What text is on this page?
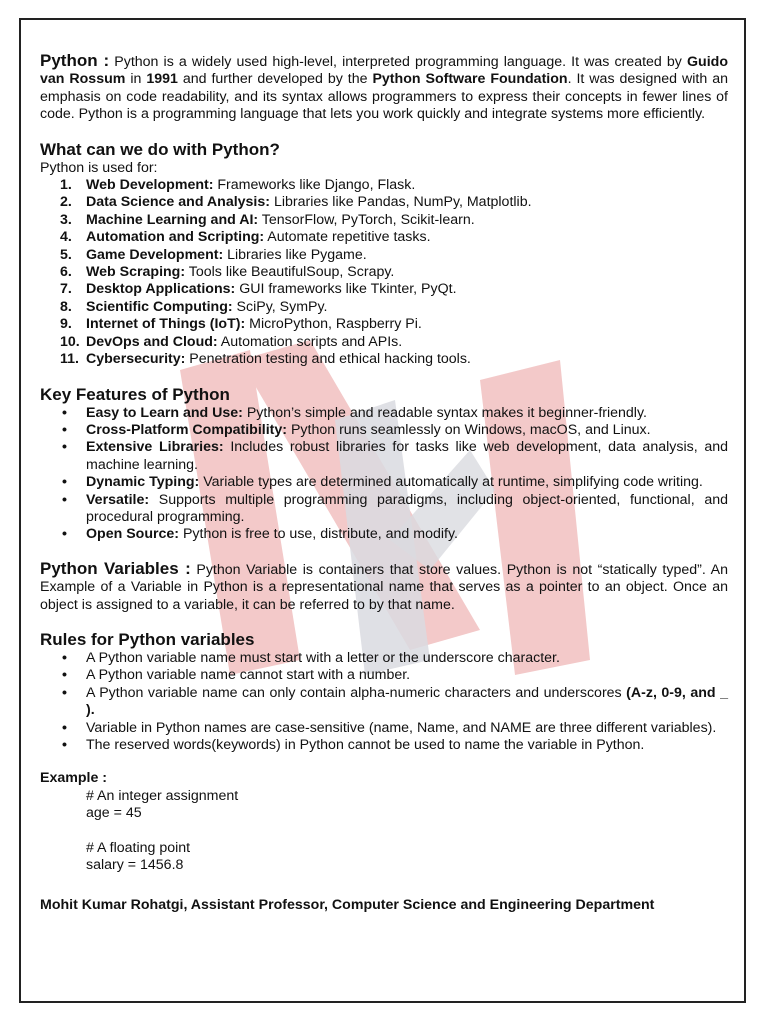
Python : Python is a widely used high-level, interpreted programming language. It was created by Guido van Rossum in 1991 and further developed by the Python Software Foundation. It was designed with an emphasis on code readability, and its syntax allows programmers to express their concepts in fewer lines of code. Python is a programming language that lets you work quickly and integrate systems more efficiently.

What can we do with Python?

Python is used for:

1. Web Development: Frameworks like Django, Flask.
2. Data Science and Analysis: Libraries like Pandas, NumPy, Matplotlib.
3. Machine Learning and AI: TensorFlow, PyTorch, Scikit-learn.
4. Automation and Scripting: Automate repetitive tasks.
5. Game Development: Libraries like Pygame.
6. Web Scraping: Tools like BeautifulSoup, Scrapy.
7. Desktop Applications: GUI frameworks like Tkinter, PyQt.
8. Scientific Computing: SciPy, SymPy.
9. Internet of Things (IoT): MicroPython, Raspberry Pi.
10. DevOps and Cloud: Automation scripts and APIs.
11. Cybersecurity: Penetration testing and ethical hacking tools.
Key Features of Python
• Easy to Learn and Use: Python’s simple and readable syntax makes it beginner-friendly.
• Cross-Platform Compatibility: Python runs seamlessly on Windows, macOS, and Linux.
• Extensive Libraries: Includes robust libraries for tasks like web development, data analysis, and machine learning.
• Dynamic Typing: Variable types are determined automatically at runtime, simplifying code writing.
• Versatile: Supports multiple programming paradigms, including object-oriented, functional, and procedural programming.
• Open Source: Python is free to use, distribute, and modify.

Python Variables : Python Variable is containers that store values. Python is not “statically typed”. An Example of a Variable in Python is a representational name that serves as a pointer to an object. Once an object is assigned to a variable, it can be referred to by that name.

Rules for Python variables
• A Python variable name must start with a letter or the underscore character.
• A Python variable name cannot start with a number.
• A Python variable name can only contain alpha-numeric characters and underscores (A-z, 0-9, and _ ).
• Variable in Python names are case-sensitive (name, Name, and NAME are three different variables).
• The reserved words(keywords) in Python cannot be used to name the variable in Python.
Example :
# An integer assignment
age = 45
# A floating point
salary = 1456.8
Mohit Kumar Rohatgi, Assistant Professor, Computer Science and Engineering Department
